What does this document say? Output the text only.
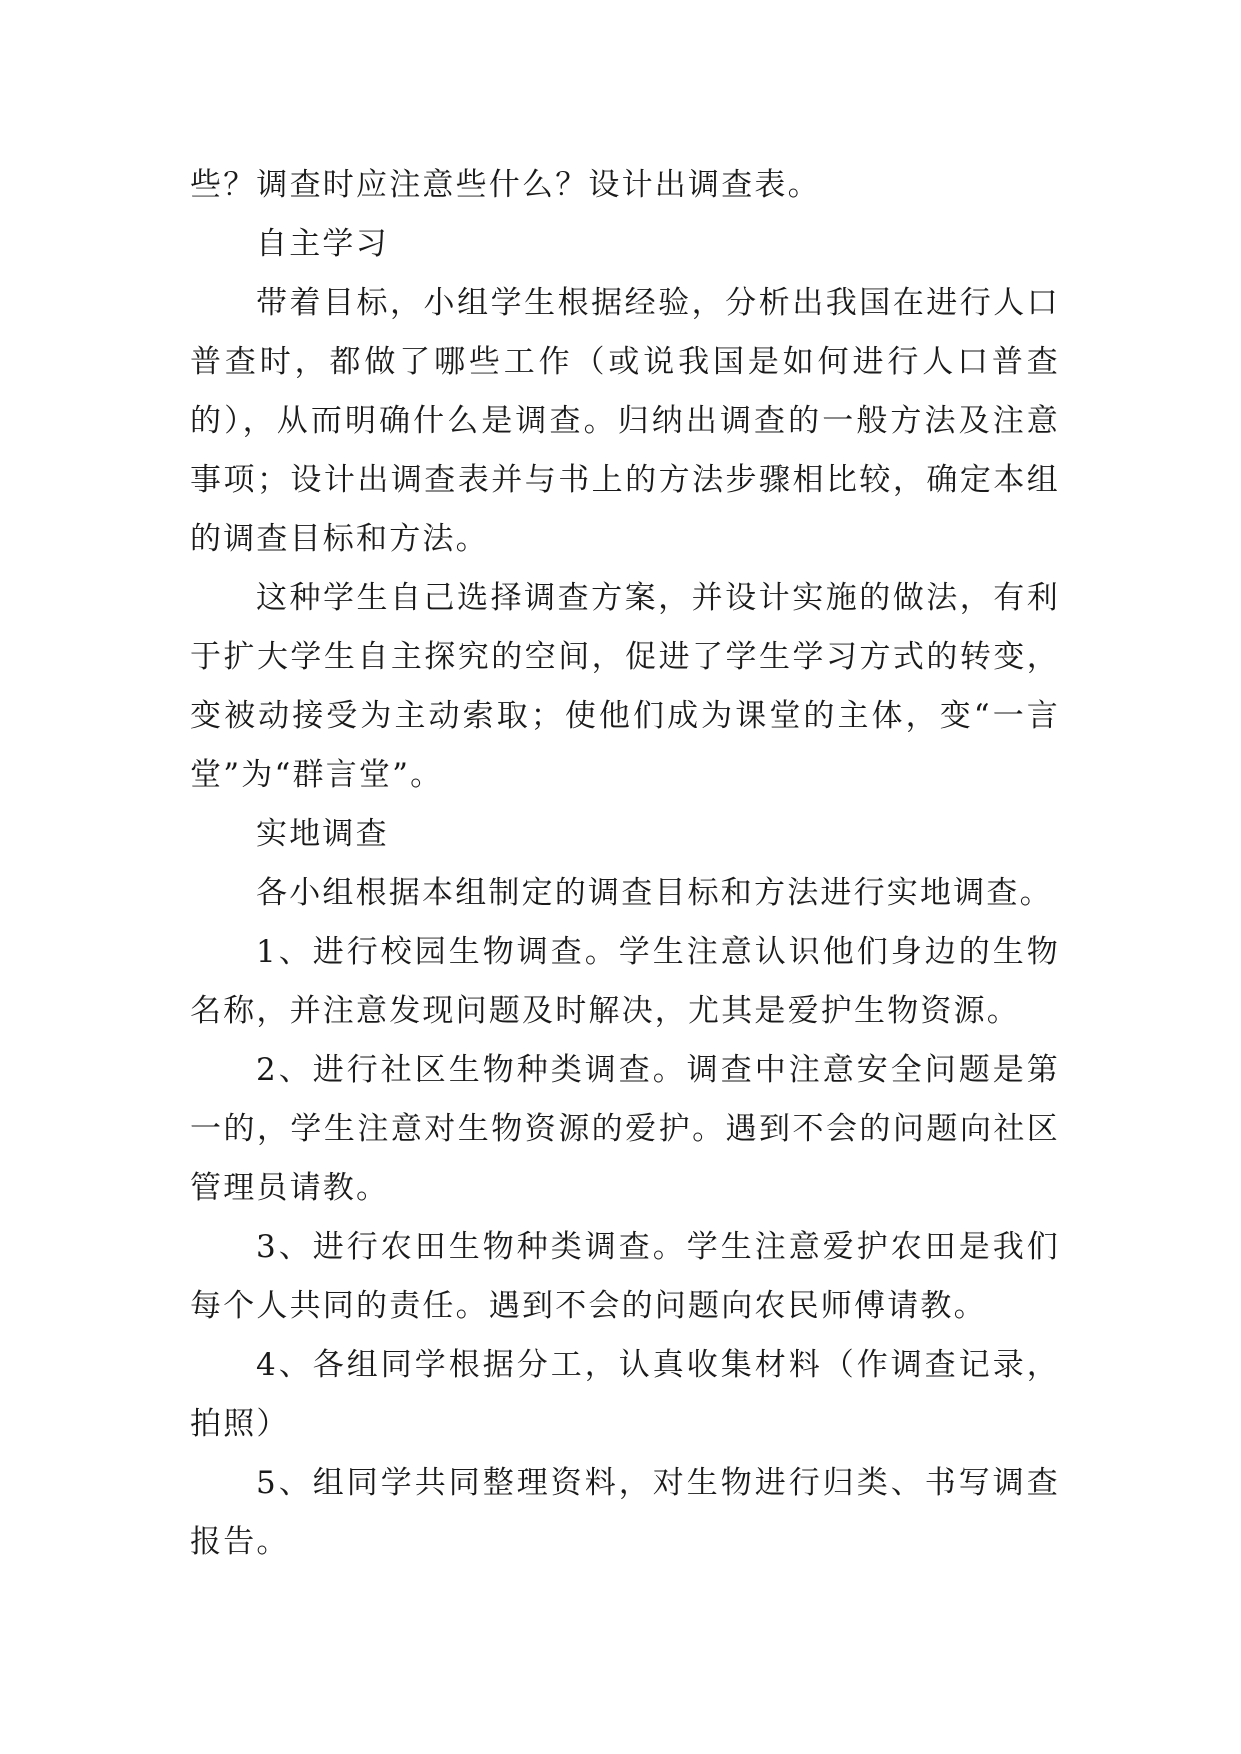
些？调查时应注意些什么？设计出调查表。

自主学习

带着目标，小组学生根据经验，分析出我国在进行人口普查时，都做了哪些工作（或说我国是如何进行人口普查的），从而明确什么是调查。归纳出调查的一般方法及注意事项；设计出调查表并与书上的方法步骤相比较，确定本组的调查目标和方法。

这种学生自己选择调查方案，并设计实施的做法，有利于扩大学生自主探究的空间，促进了学生学习方式的转变，变被动接受为主动索取；使他们成为课堂的主体，变“一言堂”为“群言堂”。

实地调查

各小组根据本组制定的调查目标和方法进行实地调查。

1、进行校园生物调查。学生注意认识他们身边的生物名称，并注意发现问题及时解决，尤其是爱护生物资源。

2、进行社区生物种类调查。调查中注意安全问题是第一的，学生注意对生物资源的爱护。遇到不会的问题向社区管理员请教。

3、进行农田生物种类调查。学生注意爱护农田是我们每个人共同的责任。遇到不会的问题向农民师傅请教。

4、各组同学根据分工，认真收集材料（作调查记录，拍照）

5、组同学共同整理资料，对生物进行归类、书写调查报告。
